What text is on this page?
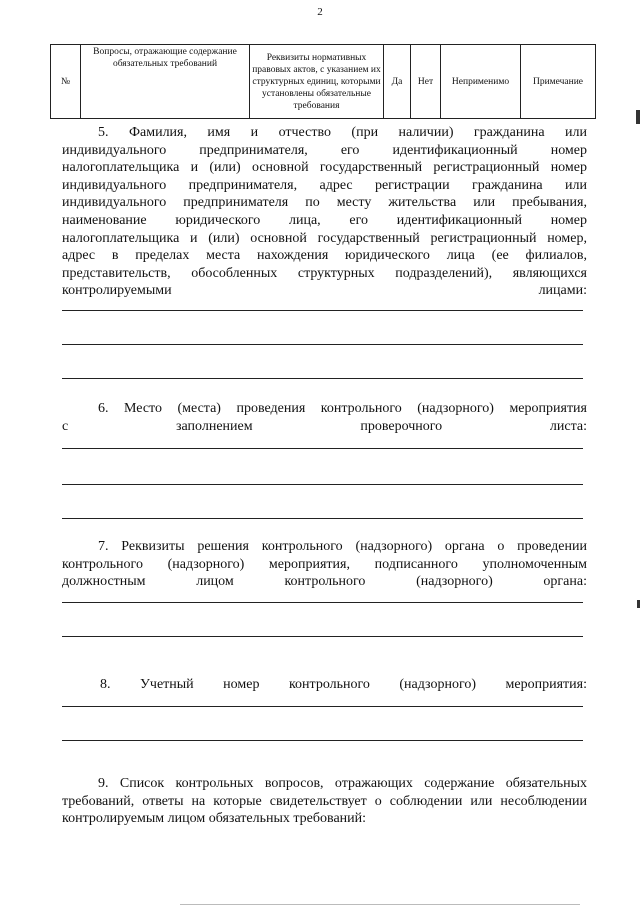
2
№	Вопросы, отражающие содержание обязательных требований	Реквизиты нормативных правовых актов, с указанием их структурных единиц, которыми установлены обязательные требования	Да	Нет	Неприменимо	Примечание
5. Фамилия, имя и отчество (при наличии) гражданина или
индивидуального предпринимателя, его идентификационный номер
налогоплательщика и (или) основной государственный регистрационный номер
индивидуального предпринимателя, адрес регистрации гражданина или
индивидуального предпринимателя по месту жительства или пребывания,
наименование юридического лица, его идентификационный номер
налогоплательщика и (или) основной государственный регистрационный номер,
адрес в пределах места нахождения юридического лица (ее филиалов,
представительств, обособленных структурных подразделений), являющихся
контролируемыми	лицами:
6. Место (места) проведения контрольного (надзорного) мероприятия
с	заполнением	проверочного	листа:
7. Реквизиты решения контрольного (надзорного) органа о проведении
контрольного (надзорного) мероприятия, подписанного уполномоченным
должностным	лицом	контрольного	(надзорного)	органа:
8. Учетный номер контрольного (надзорного) мероприятия:
9. Список контрольных вопросов, отражающих содержание обязательных
требований, ответы на которые свидетельствует о соблюдении или несоблюдении
контролируемым лицом обязательных требований:
